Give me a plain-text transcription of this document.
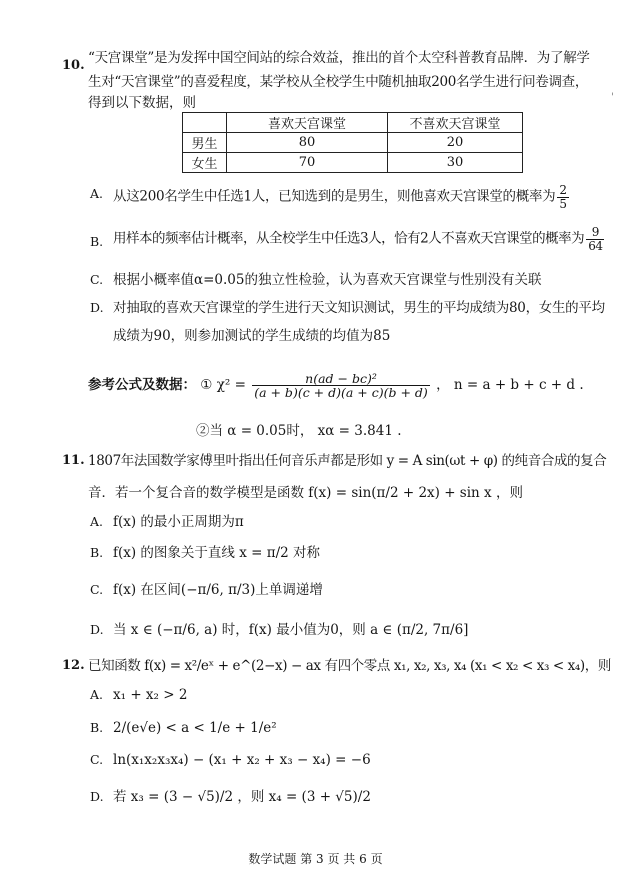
10. “天宫课堂”是为发挥中国空间站的综合效益，推出的首个太空科普教育品牌．为了解学
生对“天宫课堂”的喜爱程度，某学校从全校学生中随机抽取200名学生进行问卷调查，
得到以下数据，则	'
	喜欢天宫课堂	不喜欢天宫课堂
男生	80	20
女生	70	30
A. 从这200名学生中任选1人，已知选到的是男生，则他喜欢天宫课堂的概率为 $\frac{2}{5}$
B. 用样本的频率估计概率，从全校学生中任选3人，恰有2人不喜欢天宫课堂的概率为 $\frac{9}{64}$
C. 根据小概率值α=0.05的独立性检验，认为喜欢天宫课堂与性别没有关联
D. 对抽取的喜欢天宫课堂的学生进行天文知识测试，男生的平均成绩为80，女生的平均
成绩为90，则参加测试的学生成绩的均值为85
参考公式及数据： ① $\chi^2 = \frac{\text{n(ad − bc)²}}{(a + b)(c + d)(a + c)(b + d)}$ ， n = a + b + c + d .
②当 α = 0.05时， xα = 3.841 .
11. 1807年法国数学家傅里叶指出任何音乐声都是形如 y = A sin(ωt + φ) 的纯音合成的复合
音．若一个复合音的数学模型是函数 f(x) = sin(π/2 + 2x) + sin x ，则
A. f(x) 的最小正周期为π
B. f(x) 的图象关于直线 x = π/2 对称
C. f(x) 在区间(−π/6, π/3)上单调递增
D. 当 x ∈ (−π/6, a) 时，f(x) 最小值为0，则 a ∈ (π/2, 7π/6]
12. 已知函数 f(x) = x²/eˣ + e^(2−x) − ax 有四个零点 x₁, x₂, x₃, x₄ (x₁ < x₂ < x₃ < x₄)，则
A. x₁ + x₂ > 2
B. 2/(e√e) < a < 1/e + 1/e²
C. ln(x₁x₂x₃x₄) − (x₁ + x₂ + x₃ − x₄) = −6
D. 若 x₃ = (3 − √5)/2 ，则 x₄ = (3 + √5)/2
数学试题 第 3 页 共 6 页
